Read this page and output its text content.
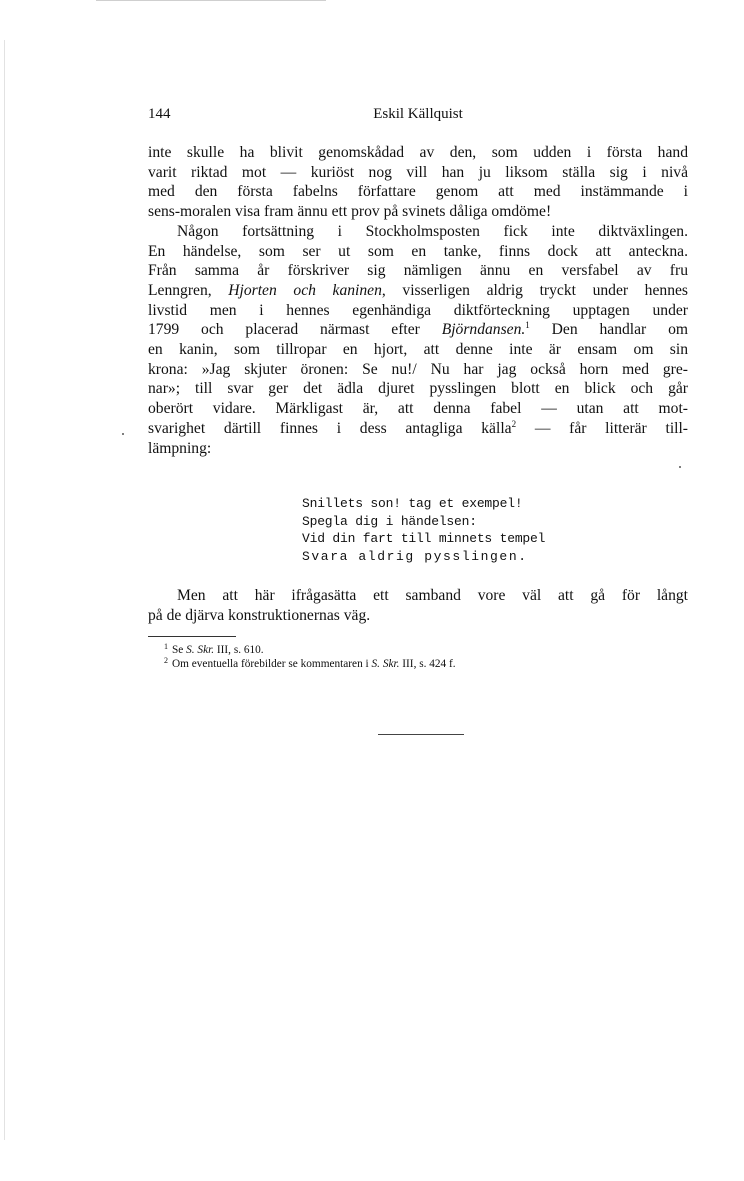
144	Eskil Källquist

inte skulle ha blivit genomskådad av den, som udden i första hand
varit riktad mot — kuriöst nog vill han ju liksom ställa sig i nivå
med den första fabelns författare genom att med instämmande i
sens-moralen visa fram ännu ett prov på svinets dåliga omdöme!

Någon fortsättning i Stockholmsposten fick inte diktväxlingen.
En händelse, som ser ut som en tanke, finns dock att anteckna.
Från samma år förskriver sig nämligen ännu en versfabel av fru
Lenngren, Hjorten och kaninen, visserligen aldrig tryckt under hennes
livstid men i hennes egenhändiga diktförteckning upptagen under
1799 och placerad närmast efter Björndansen.$^1$ Den handlar om
en kanin, som tillropar en hjort, att denne inte är ensam om sin
krona: »Jag skjuter öronen: Se nu!/ Nu har jag också horn med gre-
nar»; till svar ger det ädla djuret pysslingen blott en blick och går
oberört vidare. Märkligast är, att denna fabel — utan att mot-
svarighet därtill finnes i dess antagliga källa$^2$ — får litterär till-
lämpning:

Snillets son! tag et exempel!
Spegla dig i händelsen:
Vid din fart till minnets tempel
Svara aldrig pysslingen.
Men att här ifrågasätta ett samband vore väl att gå för långt
på de djärva konstruktionernas väg.
$^1$ Se S. Skr. III, s. 610.
$^2$ Om eventuella förebilder se kommentaren i S. Skr. III, s. 424 f.
